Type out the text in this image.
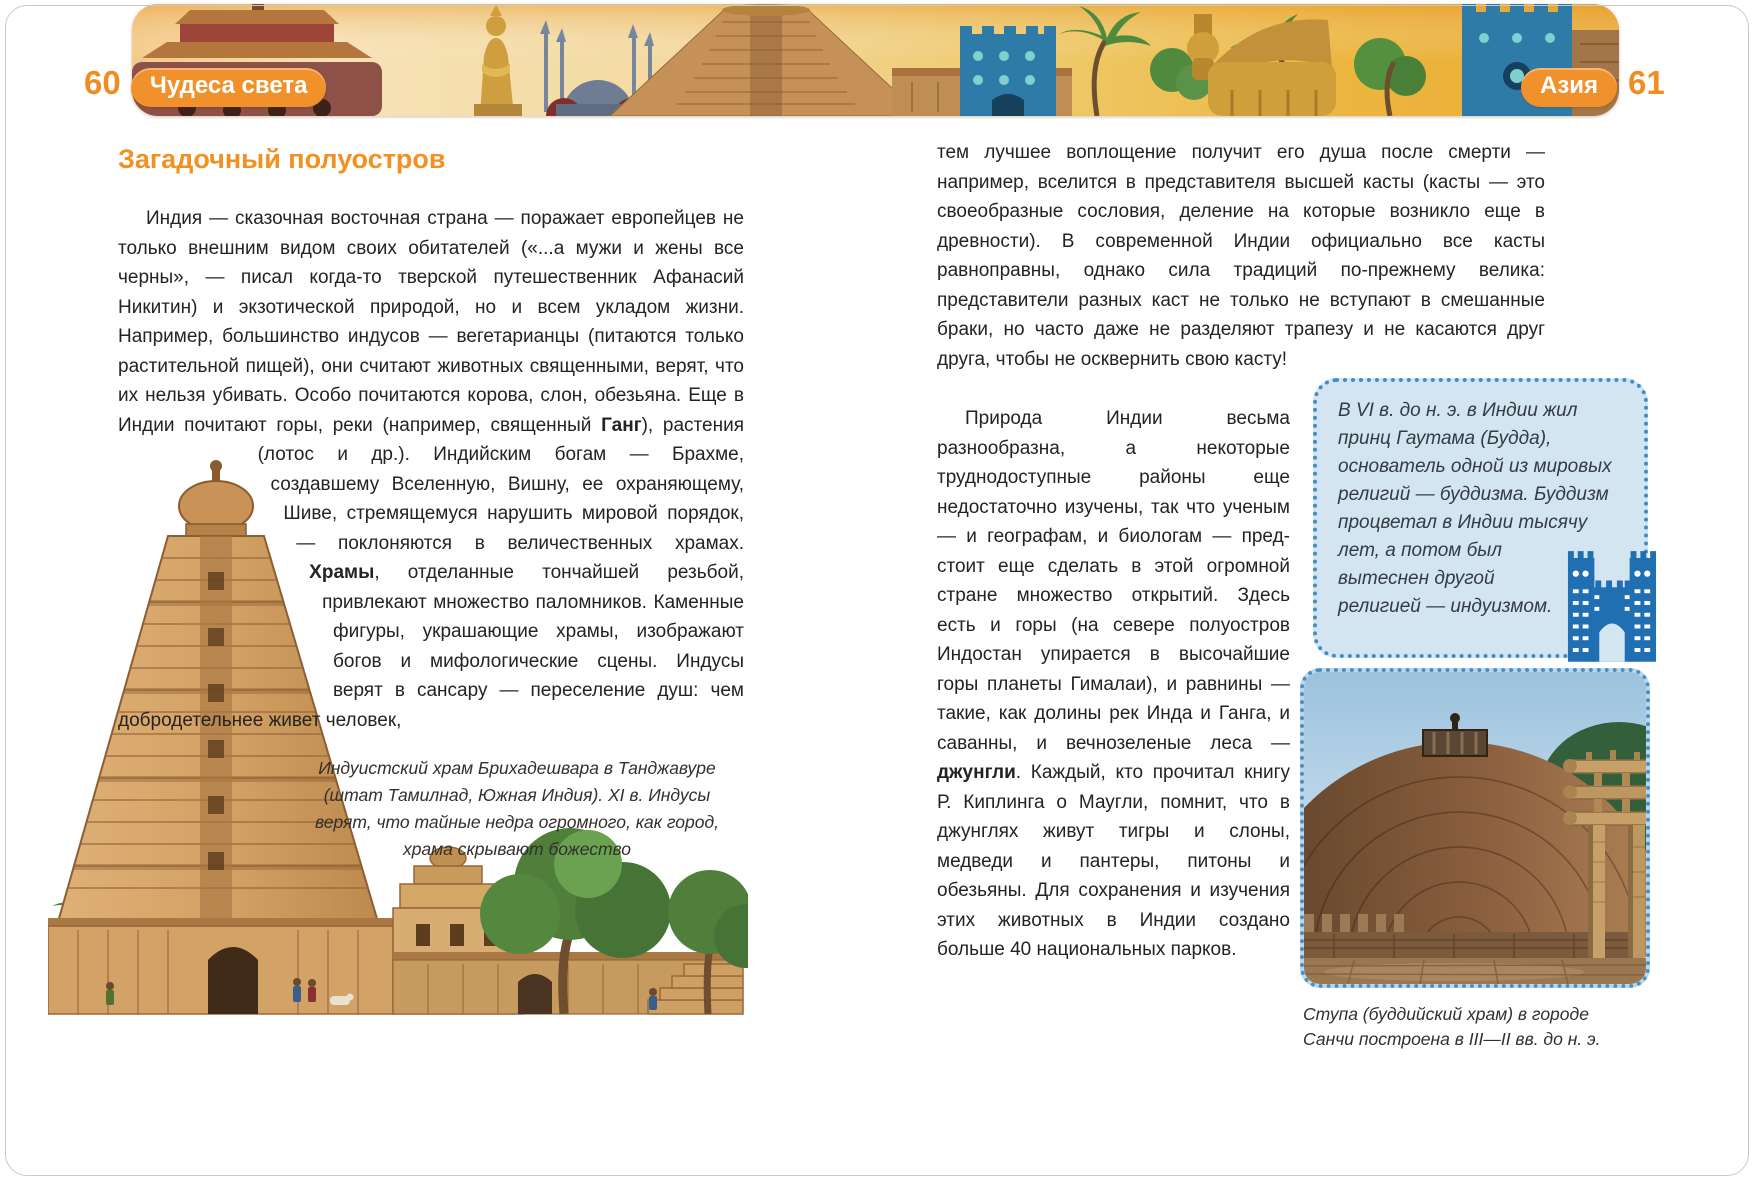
60	61
Чудеса света	Азия
Загадочный полуостров

Индия — сказочная восточная страна — поражает европейцев не только внешним видом своих обитателей («...а мужи и жены все черны», — писал когда-то тверской путешественник Афанасий Никитин) и экзотической природой, но и всем укладом жизни. Например, большинство индусов — вегетарианцы (питаются только растительной пищей), они считают животных священными, верят, что их нельзя убивать. Особо почитаются корова, слон, обезьяна. Еще в Индии почитают горы, реки (например, священный Ганг), растения (лотос и др.). Индийским богам — Брахме, создавшему Вселенную, Вишну, ее охраняющему, Шиве, стремящемуся нарушить мировой порядок, — поклоняются в величественных храмах. Храмы, отделанные тончайшей резьбой, привлекают множество паломников. Каменные фигуры, украшающие храмы, изображают богов и мифологические сцены. Индусы верят в сансару — переселение душ: чем добродетельнее живет человек,

Индуистский храм Брихадешвара в Танджавуре (штат Тамилнад, Южная Индия). XI в. Индусы верят, что тайные недра огромного, как город, храма скрывают божество

тем лучшее воплощение получит его душа после смерти — например, вселится в представителя высшей касты (касты — это своеобразные сословия, деление на которые возникло еще в древности). В современной Индии официально все касты равноправны, однако сила традиций по-прежнему велика: представители разных каст не только не вступают в смешанные браки, но часто даже не разделяют трапезу и не касаются друг друга, чтобы не осквернить свою касту!

Природа Индии весьма разнообразна, а некоторые труднодоступные районы еще недостаточно изучены, так что ученым — и географам, и биологам — предстоит еще сделать в этой огромной стране множество открытий. Здесь есть и горы (на севере полуостров Индостан упирается в высочайшие горы планеты Гималаи), и равнины — такие, как долины рек Инда и Ганга, и саванны, и вечнозеленые леса — джунгли. Каждый, кто прочитал книгу Р. Киплинга о Маугли, помнит, что в джунглях живут тигры и слоны, медведи и пантеры, питоны и обезьяны. Для сохранения и изучения этих животных в Индии создано больше 40 национальных парков.

В VI в. до н. э. в Индии жил принц Гаутама (Будда), основатель одной из мировых религий — буддизма. Буддизм процветал в Индии тысячу лет, а потом был вытеснен другой религией — индуизмом.
Ступа (буддийский храм) в городе Санчи построена в III—II вв. до н. э.
